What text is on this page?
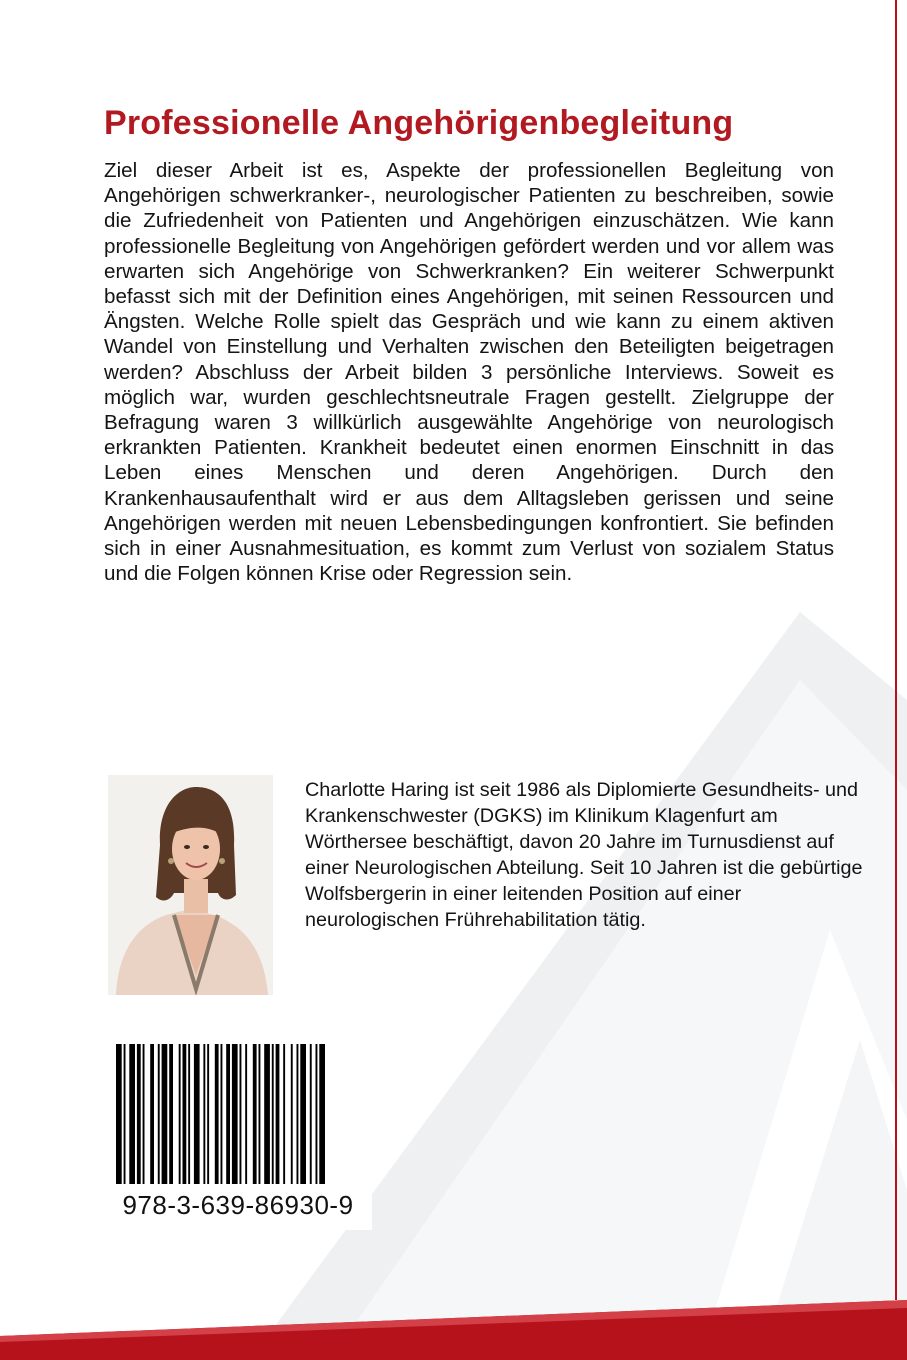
Professionelle Angehörigenbegleitung

Ziel dieser Arbeit ist es, Aspekte der professionellen Begleitung von Angehörigen schwerkranker-, neurologischer Patienten zu beschreiben, sowie die Zufriedenheit von Patienten und Angehörigen einzuschätzen. Wie kann professionelle Begleitung von Angehörigen gefördert werden und vor allem was erwarten sich Angehörige von Schwerkranken? Ein weiterer Schwerpunkt befasst sich mit der Definition eines Angehörigen, mit seinen Ressourcen und Ängsten. Welche Rolle spielt das Gespräch und wie kann zu einem aktiven Wandel von Einstellung und Verhalten zwischen den Beteiligten beigetragen werden? Abschluss der Arbeit bilden 3 persönliche Interviews. Soweit es möglich war, wurden geschlechtsneutrale Fragen gestellt. Zielgruppe der Befragung waren 3 willkürlich ausgewählte Angehörige von neurologisch erkrankten Patienten. Krankheit bedeutet einen enormen Einschnitt in das Leben eines Menschen und deren Angehörigen. Durch den Krankenhausaufenthalt wird er aus dem Alltagsleben gerissen und seine Angehörigen werden mit neuen Lebensbedingungen konfrontiert. Sie befinden sich in einer Ausnahmesituation, es kommt zum Verlust von sozialem Status und die Folgen können Krise oder Regression sein.

Charlotte Haring ist seit 1986 als Diplomierte Gesundheits- und Krankenschwester (DGKS) im Klinikum Klagenfurt am Wörthersee beschäftigt, davon 20 Jahre im Turnusdienst auf einer Neurologischen Abteilung. Seit 10 Jahren ist die gebürtige Wolfsbergerin in einer leitenden Position auf einer neurologischen Frührehabilitation tätig.

978-3-639-86930-9
